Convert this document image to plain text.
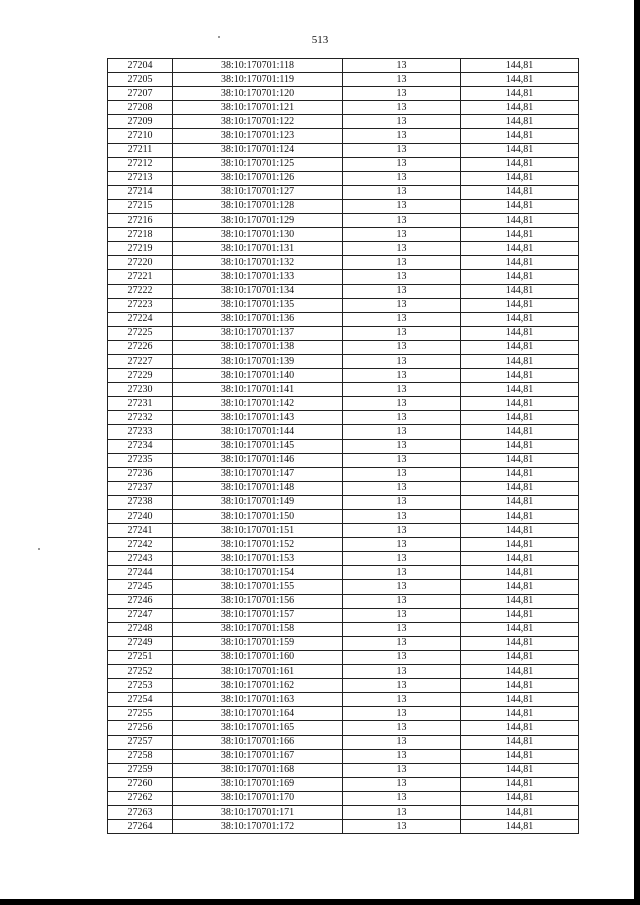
513
27204	38:10:170701:118	13	144,81
27205	38:10:170701:119	13	144,81
27207	38:10:170701:120	13	144,81
27208	38:10:170701:121	13	144,81
27209	38:10:170701:122	13	144,81
27210	38:10:170701:123	13	144,81
27211	38:10:170701:124	13	144,81
27212	38:10:170701:125	13	144,81
27213	38:10:170701:126	13	144,81
27214	38:10:170701:127	13	144,81
27215	38:10:170701:128	13	144,81
27216	38:10:170701:129	13	144,81
27218	38:10:170701:130	13	144,81
27219	38:10:170701:131	13	144,81
27220	38:10:170701:132	13	144,81
27221	38:10:170701:133	13	144,81
27222	38:10:170701:134	13	144,81
27223	38:10:170701:135	13	144,81
27224	38:10:170701:136	13	144,81
27225	38:10:170701:137	13	144,81
27226	38:10:170701:138	13	144,81
27227	38:10:170701:139	13	144,81
27229	38:10:170701:140	13	144,81
27230	38:10:170701:141	13	144,81
27231	38:10:170701:142	13	144,81
27232	38:10:170701:143	13	144,81
27233	38:10:170701:144	13	144,81
27234	38:10:170701:145	13	144,81
27235	38:10:170701:146	13	144,81
27236	38:10:170701:147	13	144,81
27237	38:10:170701:148	13	144,81
27238	38:10:170701:149	13	144,81
27240	38:10:170701:150	13	144,81
27241	38:10:170701:151	13	144,81
27242	38:10:170701:152	13	144,81
27243	38:10:170701:153	13	144,81
27244	38:10:170701:154	13	144,81
27245	38:10:170701:155	13	144,81
27246	38:10:170701:156	13	144,81
27247	38:10:170701:157	13	144,81
27248	38:10:170701:158	13	144,81
27249	38:10:170701:159	13	144,81
27251	38:10:170701:160	13	144,81
27252	38:10:170701:161	13	144,81
27253	38:10:170701:162	13	144,81
27254	38:10:170701:163	13	144,81
27255	38:10:170701:164	13	144,81
27256	38:10:170701:165	13	144,81
27257	38:10:170701:166	13	144,81
27258	38:10:170701:167	13	144,81
27259	38:10:170701:168	13	144,81
27260	38:10:170701:169	13	144,81
27262	38:10:170701:170	13	144,81
27263	38:10:170701:171	13	144,81
27264	38:10:170701:172	13	144,81
